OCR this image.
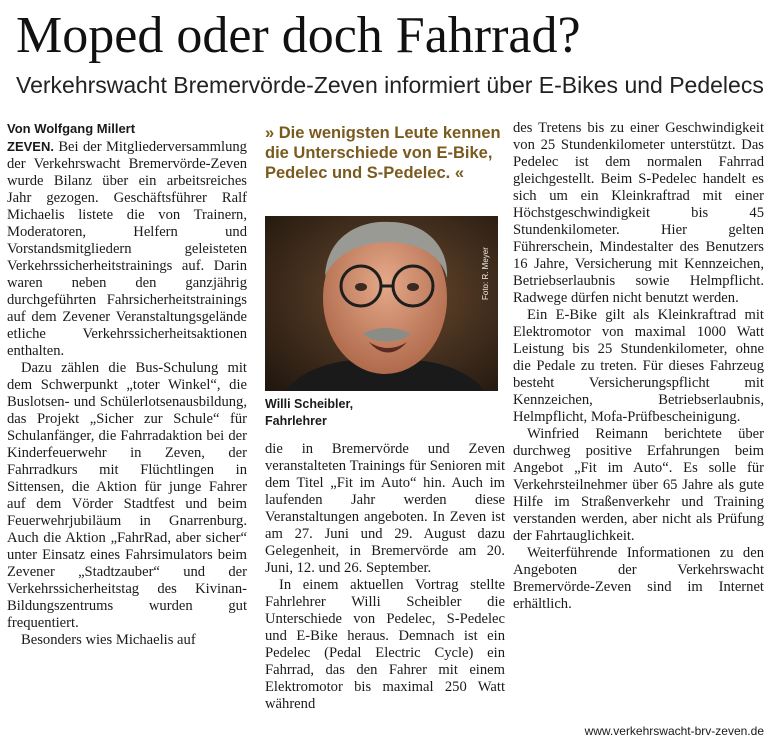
Moped oder doch Fahrrad?
Verkehrswacht Bremervörde-Zeven informiert über E-Bikes und Pedelecs
Von Wolfgang Millert

ZEVEN. Bei der Mitgliederversammlung der Verkehrswacht Bremervörde-Zeven wurde Bilanz über ein arbeitsreiches Jahr gezogen. Geschäftsführer Ralf Michaelis listete die von Trainern, Moderatoren, Helfern und Vorstandsmitgliedern geleisteten Verkehrssicherheitstrainings auf. Darin waren neben den ganzjährig durchgeführten Fahrsicherheitstrainings auf dem Zevener Veranstaltungsgelände etliche Verkehrssicherheitsaktionen enthalten.

Dazu zählen die Bus-Schulung mit dem Schwerpunkt „toter Winkel“, die Buslotsen- und Schülerlotsenausbildung, das Projekt „Sicher zur Schule“ für Schulanfänger, die Fahrradaktion bei der Kinderfeuerwehr in Zeven, der Fahrradkurs mit Flüchtlingen in Sittensen, die Aktion für junge Fahrer auf dem Vörder Stadtfest und beim Feuerwehrjubiläum in Gnarrenburg. Auch die Aktion „FahrRad, aber sicher“ unter Einsatz eines Fahrsimulators beim Zevener „Stadtzauber“ und der Verkehrssicherheitstag des Kivinan-Bildungszentrums wurden gut frequentiert.

Besonders wies Michaelis auf

» Die wenigsten Leute kennen die Unterschiede von E-Bike, Pedelec und S-Pedelec. «
Foto: R. Meyer
Willi Scheibler,
Fahrlehrer

die in Bremervörde und Zeven veranstalteten Trainings für Senioren mit dem Titel „Fit im Auto“ hin. Auch im laufenden Jahr werden diese Veranstaltungen angeboten. In Zeven ist am 27. Juni und 29. August dazu Gelegenheit, in Bremervörde am 20. Juni, 12. und 26. September.

In einem aktuellen Vortrag stellte Fahrlehrer Willi Scheibler die Unterschiede von Pedelec, S-Pedelec und E-Bike heraus. Demnach ist ein Pedelec (Pedal Electric Cycle) ein Fahrrad, das den Fahrer mit einem Elektromotor bis maximal 250 Watt während

des Tretens bis zu einer Geschwindigkeit von 25 Stundenkilometer unterstützt. Das Pedelec ist dem normalen Fahrrad gleichgestellt. Beim S-Pedelec handelt es sich um ein Kleinkraftrad mit einer Höchstgeschwindigkeit bis 45 Stundenkilometer. Hier gelten Führerschein, Mindestalter des Benutzers 16 Jahre, Versicherung mit Kennzeichen, Betriebserlaubnis sowie Helmpflicht. Radwege dürfen nicht benutzt werden.

Ein E-Bike gilt als Kleinkraftrad mit Elektromotor von maximal 1000 Watt Leistung bis 25 Stundenkilometer, ohne die Pedale zu treten. Für dieses Fahrzeug besteht Versicherungspflicht mit Kennzeichen, Betriebserlaubnis, Helmpflicht, Mofa-Prüfbescheinigung.

Winfried Reimann berichtete über durchweg positive Erfahrungen beim Angebot „Fit im Auto“. Es solle für Verkehrsteilnehmer über 65 Jahre als gute Hilfe im Straßenverkehr und Training verstanden werden, aber nicht als Prüfung der Fahrtauglichkeit.

Weiterführende Informationen zu den Angeboten der Verkehrswacht Bremervörde-Zeven sind im Internet erhältlich.

www.verkehrswacht-brv-zeven.de
